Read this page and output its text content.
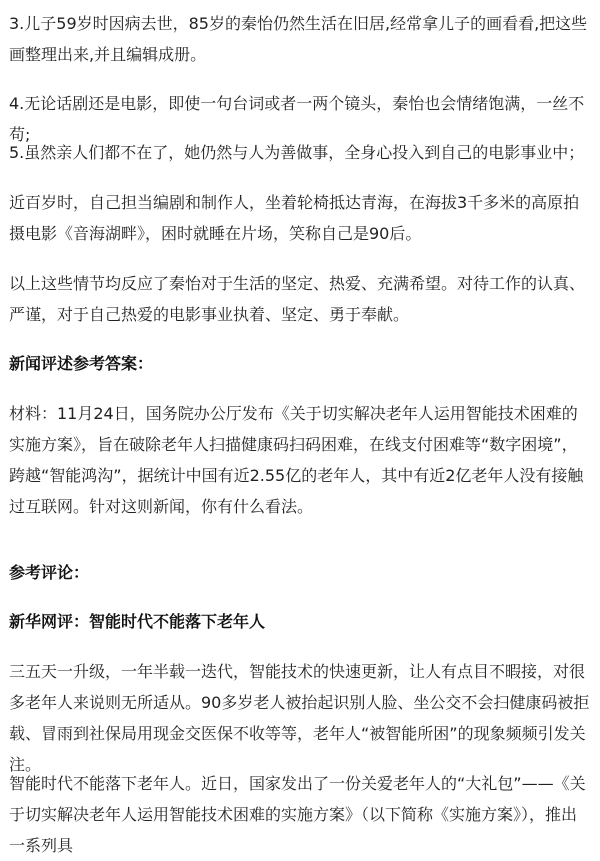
3.儿子59岁时因病去世，85岁的秦怡仍然生活在旧居,经常拿儿子的画看看,把这些画整理出来,并且编辑成册。
4.无论话剧还是电影，即使一句台词或者一两个镜头，秦怡也会情绪饱满，一丝不苟;
5.虽然亲人们都不在了，她仍然与人为善做事，全身心投入到自己的电影事业中；
近百岁时，自己担当编剧和制作人，坐着轮椅抵达青海，在海拔3千多米的高原拍摄电影《音海湖畔》，困时就睡在片场，笑称自己是90后。
以上这些情节均反应了秦怡对于生活的坚定、热爱、充满希望。对待工作的认真、严谨，对于自己热爱的电影事业执着、坚定、勇于奉献。
新闻评述参考答案：
材料：11月24日，国务院办公厅发布《关于切实解决老年人运用智能技术困难的实施方案》，旨在破除老年人扫描健康码扫码困难，在线支付困难等“数字困境”，跨越“智能鸿沟”，据统计中国有近2.55亿的老年人，其中有近2亿老年人没有接触过互联网。针对这则新闻，你有什么看法。
参考评论：
新华网评：智能时代不能落下老年人
三五天一升级，一年半载一迭代，智能技术的快速更新，让人有点目不暇接，对很多老年人来说则无所适从。90多岁老人被抬起识别人脸、坐公交不会扫健康码被拒载、冒雨到社保局用现金交医保不收等等，老年人“被智能所困”的现象频频引发关注。
智能时代不能落下老年人。近日，国家发出了一份关爱老年人的“大礼包”——《关于切实解决老年人运用智能技术困难的实施方案》（以下简称《实施方案》），推出一系列具
